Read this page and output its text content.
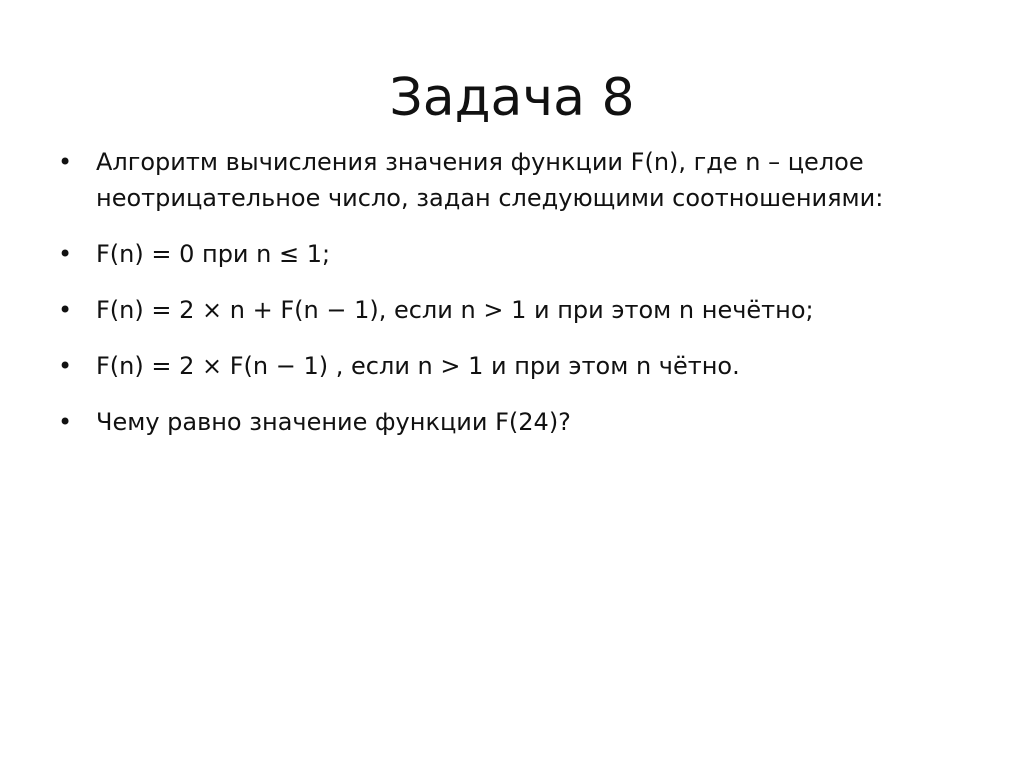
Задача 8
• Алгоритм вычисления значения функции F(n), где n – целое неотрицательное число, задан следующими соотношениями:
• F(n) = 0 при n ≤ 1;
• F(n) = 2 × n + F(n − 1), если n > 1 и при этом n нечётно;
• F(n) = 2 × F(n − 1) , если n > 1 и при этом n чётно.
• Чему равно значение функции F(24)?
